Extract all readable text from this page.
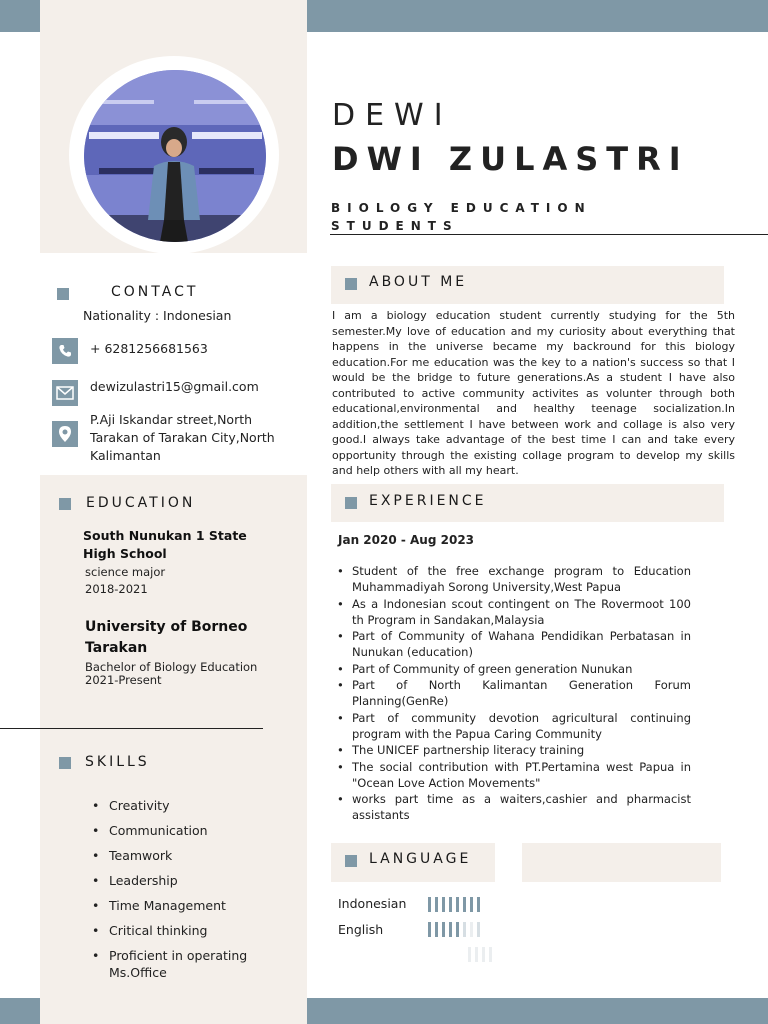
DEWI
DWI ZULASTRI
BIOLOGY EDUCATION STUDENTS
ABOUT ME
I am a biology education student currently studying for the 5th semester.My love of education and my curiosity about everything that happens in the universe became my backround for this biology education.For me education was the key to a nation's success so that I would be the bridge to future generations.As a student I have also contributed to active community activites as volunter through both educational,environmental and healthy teenage socialization.In addition,the settlement I have between work and collage is also very good.I always take advantage of the best time I can and take every opportunity through the existing collage program to develop my skills and help others with all my heart.
EXPERIENCE
Jan 2020 - Aug 2023
• Student of the free exchange program to Education Muhammadiyah Sorong University,West Papua
• As a Indonesian scout contingent on The Rovermoot 100 th Program in Sandakan,Malaysia
• Part of Community of Wahana Pendidikan Perbatasan in Nunukan (education)
• Part of Community of green generation Nunukan
• Part of North Kalimantan Generation Forum Planning(GenRe)
• Part of community devotion agricultural continuing program with the Papua Caring Community
• The UNICEF partnership literacy training
• The social contribution with PT.Pertamina west Papua in "Ocean Love Action Movements"
• works part time as a waiters,cashier and pharmacist assistants
LANGUAGE
Indonesian
English
CONTACT
Nationality : Indonesian
+ 6281256681563
dewizulastri15@gmail.com
P.Aji Iskandar street,North Tarakan of Tarakan City,North Kalimantan
EDUCATION
South Nunukan 1 State High School
science major
2018-2021
University of Borneo Tarakan
Bachelor of Biology Education
2021-Present
SKILLS
• Creativity
• Communication
• Teamwork
• Leadership
• Time Management
• Critical thinking
• Proficient in operating Ms.Office
